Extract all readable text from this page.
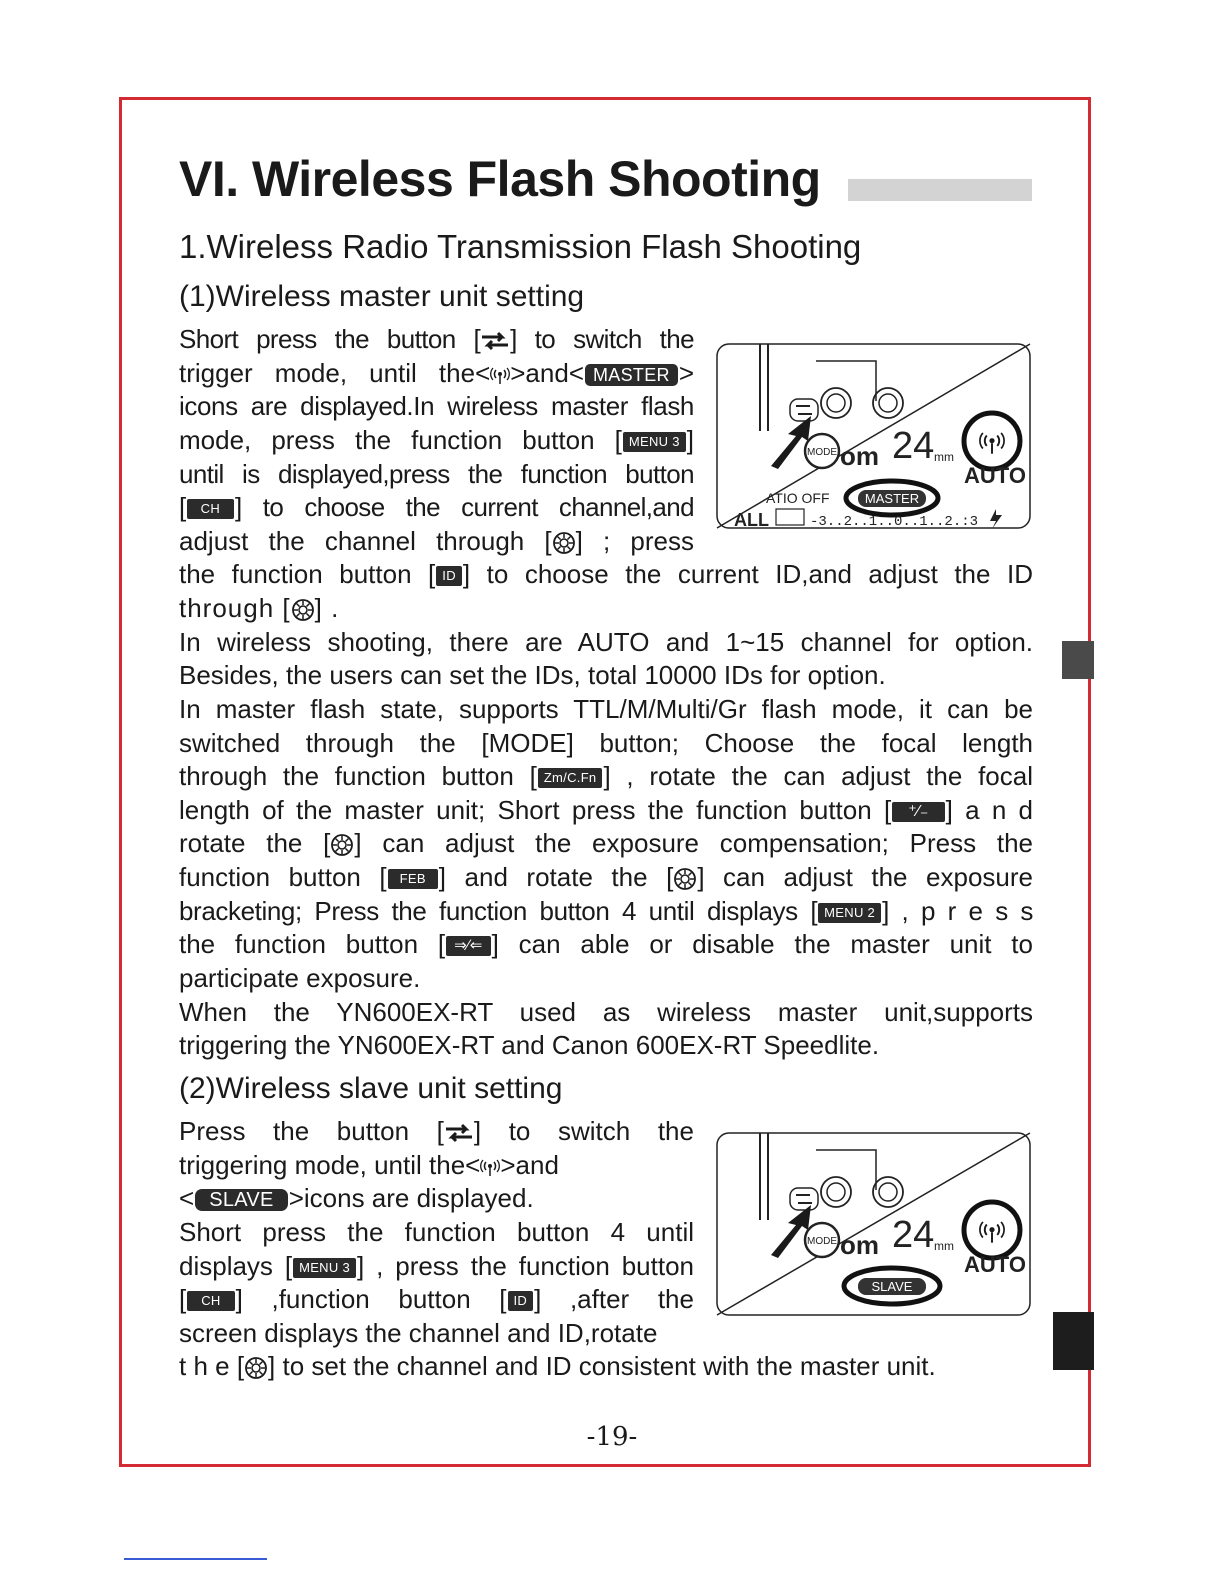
VI. Wireless Flash Shooting
1.Wireless Radio Transmission Flash Shooting
(1)Wireless master unit setting
Short press the button [ ] to switch the
trigger mode, until the< >and< MASTER >
icons are displayed.In wireless master flash
mode, press the function button [ MENU 3 ]
until is displayed,press the function button
[ CH ] to choose the current channel,and
adjust the channel through [ ] ; press
the function button [ ID ] to choose the current ID,and adjust the ID
through [ ] .
In wireless shooting, there are AUTO and 1~15 channel for option.
Besides, the users can set the IDs, total 10000 IDs for option.
In master flash state, supports TTL/M/Multi/Gr flash mode, it can be
switched through the [MODE] button; Choose the focal length
through the function button [ Zm/C.Fn ] , rotate the can adjust the focal
length of the master unit; Short press the function button [ ⁺∕₋ ] a n d
rotate the [ ] can adjust the exposure compensation; Press the
function button [ FEB ] and rotate the [ ] can adjust the exposure
bracketing; Press the function button 4 until displays [ MENU 2 ] , p r e s s
the function button [ ⇒∕⇐ ] can able or disable the master unit to
participate exposure.
When the YN600EX-RT used as wireless master unit,supports
triggering the YN600EX-RT and Canon 600EX-RT Speedlite.
(2)Wireless slave unit setting
Press the button [ ] to switch the
triggering mode, until the< >and
< SLAVE >icons are displayed.
Short press the function button 4 until
displays [ MENU 3 ] , press the function button
[ CH ] ,function button [ ID ] ,after the
screen displays the channel and ID,rotate
t h e [ ] to set the channel and ID consistent with the master unit.
MODE om 24 mm
AUTO
ATIO OFF	MASTER
ALL	-3..2..1..0..1..2.:3
MODE om 24 mm
AUTO
SLAVE
-19-
